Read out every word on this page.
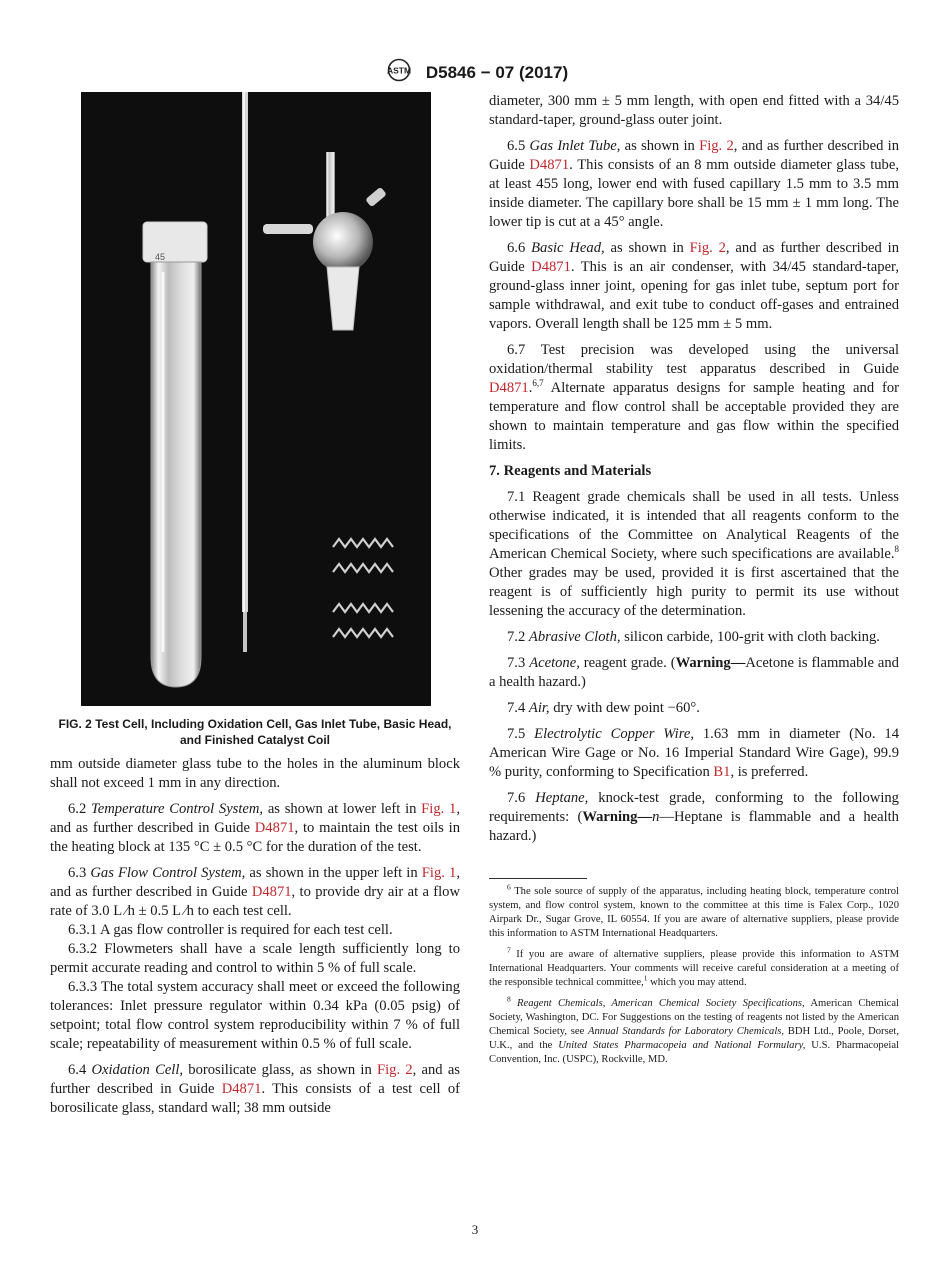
ASTM D5846 − 07 (2017)
45

FIG. 2 Test Cell, Including Oxidation Cell, Gas Inlet Tube, Basic Head, and Finished Catalyst Coil

mm outside diameter glass tube to the holes in the aluminum block shall not exceed 1 mm in any direction.

6.2 Temperature Control System, as shown at lower left in Fig. 1, and as further described in Guide D4871, to maintain the test oils in the heating block at 135 °C ± 0.5 °C for the duration of the test.

6.3 Gas Flow Control System, as shown in the upper left in Fig. 1, and as further described in Guide D4871, to provide dry air at a flow rate of 3.0 L ⁄h ± 0.5 L ⁄h to each test cell.

6.3.1 A gas flow controller is required for each test cell.

6.3.2 Flowmeters shall have a scale length sufficiently long to permit accurate reading and control to within 5 % of full scale.

6.3.3 The total system accuracy shall meet or exceed the following tolerances: Inlet pressure regulator within 0.34 kPa (0.05 psig) of setpoint; total flow control system reproducibility within 7 % of full scale; repeatability of measurement within 0.5 % of full scale.

6.4 Oxidation Cell, borosilicate glass, as shown in Fig. 2, and as further described in Guide D4871. This consists of a test cell of borosilicate glass, standard wall; 38 mm outside

diameter, 300 mm ± 5 mm length, with open end fitted with a 34/45 standard-taper, ground-glass outer joint.

6.5 Gas Inlet Tube, as shown in Fig. 2, and as further described in Guide D4871. This consists of an 8 mm outside diameter glass tube, at least 455 long, lower end with fused capillary 1.5 mm to 3.5 mm inside diameter. The capillary bore shall be 15 mm ± 1 mm long. The lower tip is cut at a 45° angle.

6.6 Basic Head, as shown in Fig. 2, and as further described in Guide D4871. This is an air condenser, with 34/45 standard-taper, ground-glass inner joint, opening for gas inlet tube, septum port for sample withdrawal, and exit tube to conduct off-gases and entrained vapors. Overall length shall be 125 mm ± 5 mm.

6.7 Test precision was developed using the universal oxidation/thermal stability test apparatus described in Guide D4871.$^{6,7}$ Alternate apparatus designs for sample heating and for temperature and flow control shall be acceptable provided they are shown to maintain temperature and gas flow within the specified limits.

7. Reagents and Materials

7.1 Reagent grade chemicals shall be used in all tests. Unless otherwise indicated, it is intended that all reagents conform to the specifications of the Committee on Analytical Reagents of the American Chemical Society, where such specifications are available.$^8$ Other grades may be used, provided it is first ascertained that the reagent is of sufficiently high purity to permit its use without lessening the accuracy of the determination.

7.2 Abrasive Cloth, silicon carbide, 100-grit with cloth backing.

7.3 Acetone, reagent grade. (Warning—Acetone is flammable and a health hazard.)

7.4 Air, dry with dew point −60°.

7.5 Electrolytic Copper Wire, 1.63 mm in diameter (No. 14 American Wire Gage or No. 16 Imperial Standard Wire Gage), 99.9 % purity, conforming to Specification B1, is preferred.

7.6 Heptane, knock-test grade, conforming to the following requirements: (Warning—n—Heptane is flammable and a health hazard.)

$^6$ The sole source of supply of the apparatus, including heating block, temperature control system, and flow control system, known to the committee at this time is Falex Corp., 1020 Airpark Dr., Sugar Grove, IL 60554. If you are aware of alternative suppliers, please provide this information to ASTM International Headquarters.

$^7$ If you are aware of alternative suppliers, please provide this information to ASTM International Headquarters. Your comments will receive careful consideration at a meeting of the responsible technical committee,$^1$ which you may attend.

$^8$ Reagent Chemicals, American Chemical Society Specifications, American Chemical Society, Washington, DC. For Suggestions on the testing of reagents not listed by the American Chemical Society, see Annual Standards for Laboratory Chemicals, BDH Ltd., Poole, Dorset, U.K., and the United States Pharmacopeia and National Formulary, U.S. Pharmacopeial Convention, Inc. (USPC), Rockville, MD.

3
